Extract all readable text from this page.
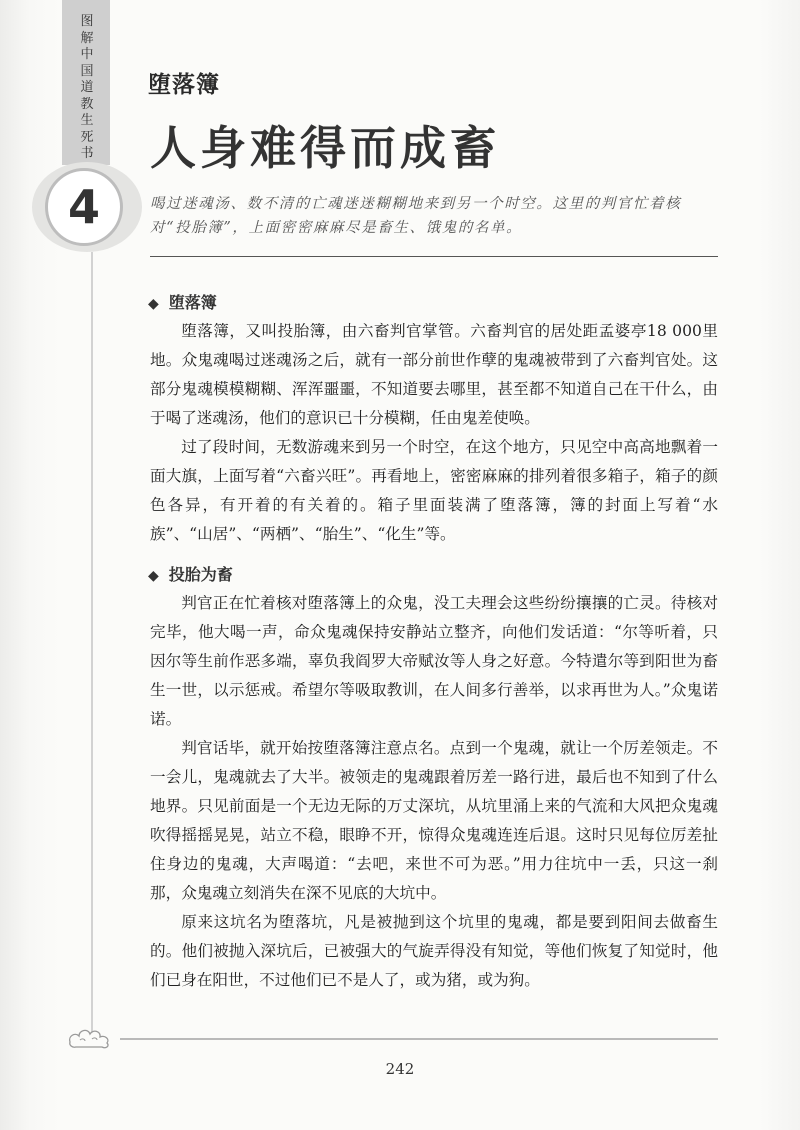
图解中国道教生死书
4
堕落簿
人身难得而成畜
喝过迷魂汤、数不清的亡魂迷迷糊糊地来到另一个时空。这里的判官忙着核对“投胎簿”，上面密密麻麻尽是畜生、饿鬼的名单。
◆ 堕落簿

堕落簿，又叫投胎簿，由六畜判官掌管。六畜判官的居处距孟婆亭18 000里地。众鬼魂喝过迷魂汤之后，就有一部分前世作孽的鬼魂被带到了六畜判官处。这部分鬼魂模模糊糊、浑浑噩噩，不知道要去哪里，甚至都不知道自己在干什么，由于喝了迷魂汤，他们的意识已十分模糊，任由鬼差使唤。

过了段时间，无数游魂来到另一个时空，在这个地方，只见空中高高地飘着一面大旗，上面写着“六畜兴旺”。再看地上，密密麻麻的排列着很多箱子，箱子的颜色各异，有开着的有关着的。箱子里面装满了堕落簿，簿的封面上写着“水族”、“山居”、“两栖”、“胎生”、“化生”等。

◆ 投胎为畜

判官正在忙着核对堕落簿上的众鬼，没工夫理会这些纷纷攘攘的亡灵。待核对完毕，他大喝一声，命众鬼魂保持安静站立整齐，向他们发话道：“尔等听着，只因尔等生前作恶多端，辜负我阎罗大帝赋汝等人身之好意。今特遣尔等到阳世为畜生一世，以示惩戒。希望尔等吸取教训，在人间多行善举，以求再世为人。”众鬼诺诺。

判官话毕，就开始按堕落簿注意点名。点到一个鬼魂，就让一个厉差领走。不一会儿，鬼魂就去了大半。被领走的鬼魂跟着厉差一路行进，最后也不知到了什么地界。只见前面是一个无边无际的万丈深坑，从坑里涌上来的气流和大风把众鬼魂吹得摇摇晃晃，站立不稳，眼睁不开，惊得众鬼魂连连后退。这时只见每位厉差扯住身边的鬼魂，大声喝道：“去吧，来世不可为恶。”用力往坑中一丢，只这一刹那，众鬼魂立刻消失在深不见底的大坑中。

原来这坑名为堕落坑，凡是被抛到这个坑里的鬼魂，都是要到阳间去做畜生的。他们被抛入深坑后，已被强大的气旋弄得没有知觉，等他们恢复了知觉时，他们已身在阳世，不过他们已不是人了，或为猪，或为狗。

242
